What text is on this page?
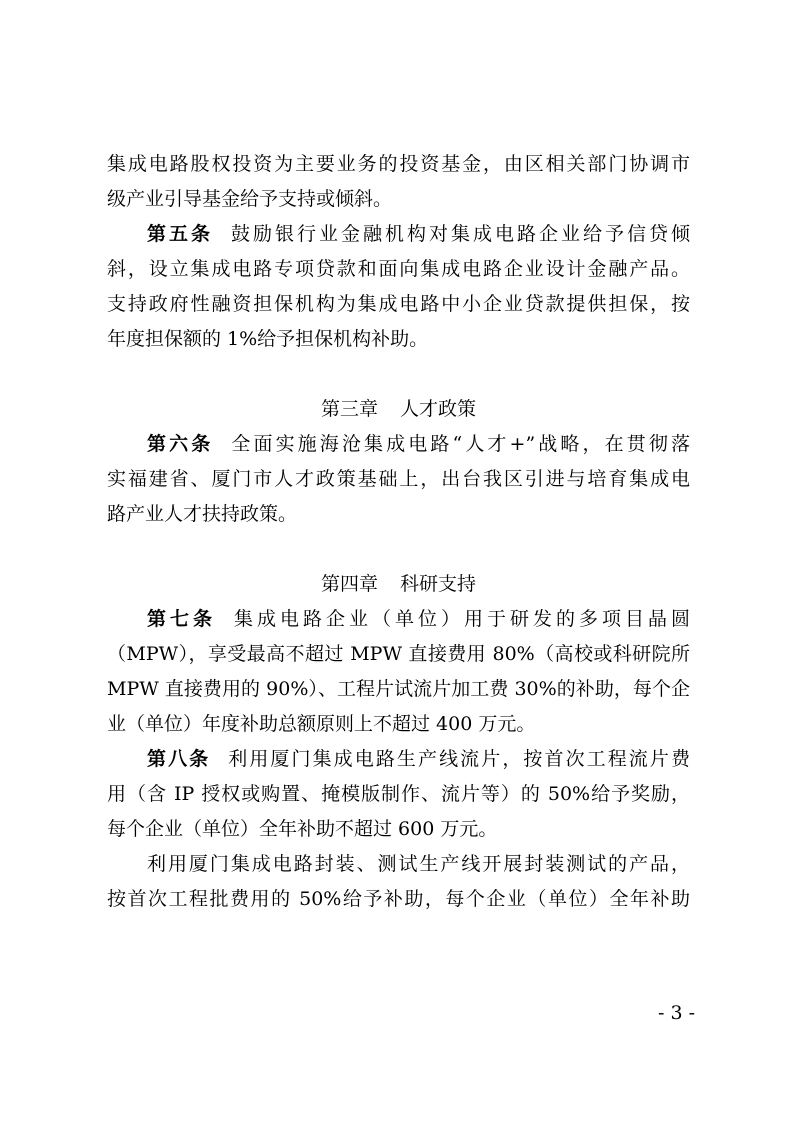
集成电路股权投资为主要业务的投资基金，由区相关部门协调市

级产业引导基金给予支持或倾斜。

第五条 鼓励银行业金融机构对集成电路企业给予信贷倾

斜，设立集成电路专项贷款和面向集成电路企业设计金融产品。

支持政府性融资担保机构为集成电路中小企业贷款提供担保，按

年度担保额的 1%给予担保机构补助。

第三章 人才政策

第六条 全面实施海沧集成电路“人才+”战略，在贯彻落

实福建省、厦门市人才政策基础上，出台我区引进与培育集成电

路产业人才扶持政策。

第四章 科研支持

第七条 集成电路企业（单位）用于研发的多项目晶圆

（MPW），享受最高不超过 MPW 直接费用 80%（高校或科研院所

MPW 直接费用的 90%）、工程片试流片加工费 30%的补助，每个企

业（单位）年度补助总额原则上不超过 400 万元。

第八条 利用厦门集成电路生产线流片，按首次工程流片费

用（含 IP 授权或购置、掩模版制作、流片等）的 50%给予奖励，

每个企业（单位）全年补助不超过 600 万元。

利用厦门集成电路封装、测试生产线开展封装测试的产品，

按首次工程批费用的 50%给予补助，每个企业（单位）全年补助

- 3 -
